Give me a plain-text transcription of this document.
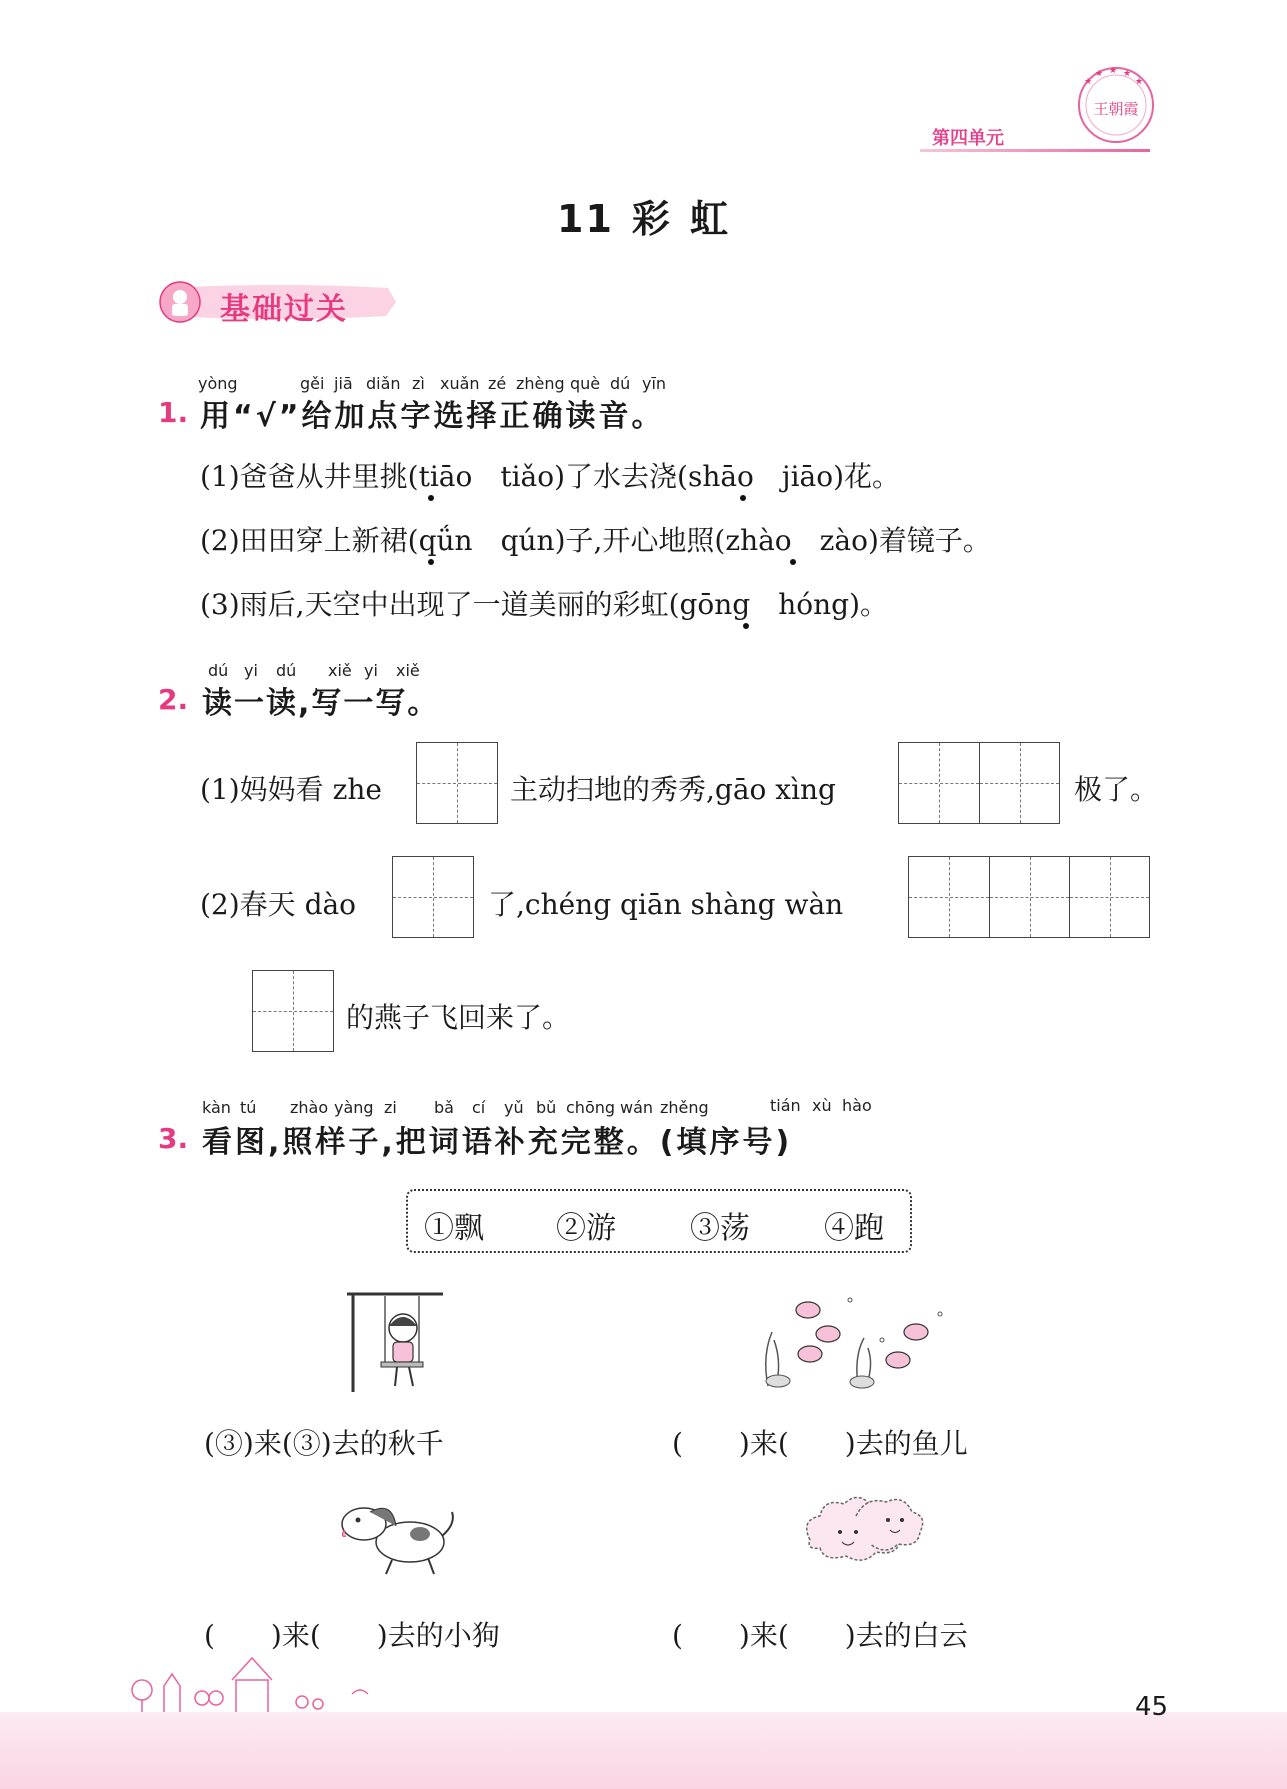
第四单元
★
★ ★ ★
★
王朝霞
11 彩 虹
基础过关
yòng	gěi jiā diǎn zì xuǎn zé zhèng què dú yīn
1. 用“√”给加点字选择正确读音。
(1)爸爸从井里挑(tiāo　tiǎo)了水去浇(shāo　jiāo)花。
(2)田田穿上新裙(qǘn　qún)子,开心地照(zhào　zào)着镜子。
(3)雨后,天空中出现了一道美丽的彩虹(gōng　hóng)。
dú yi dú xiě yi xiě
2. 读一读,写一写。
(1)妈妈看 zhe	主动扫地的秀秀,gāo xìng	极了。
(2)春天 dào	了,chéng qiān shàng wàn
的燕子飞回来了。
kàn tú zhào yàng zi bǎ cí yǔ bǔ chōng wán zhěng	tián xù hào
3. 看图,照样子,把词语补充完整。(填序号)
①飘 ②游 ③荡 ④跑
(③)来(③)去的秋千	(　　)来(　　)去的鱼儿
(　　)来(　　)去的小狗	(　　)来(　　)去的白云
45
